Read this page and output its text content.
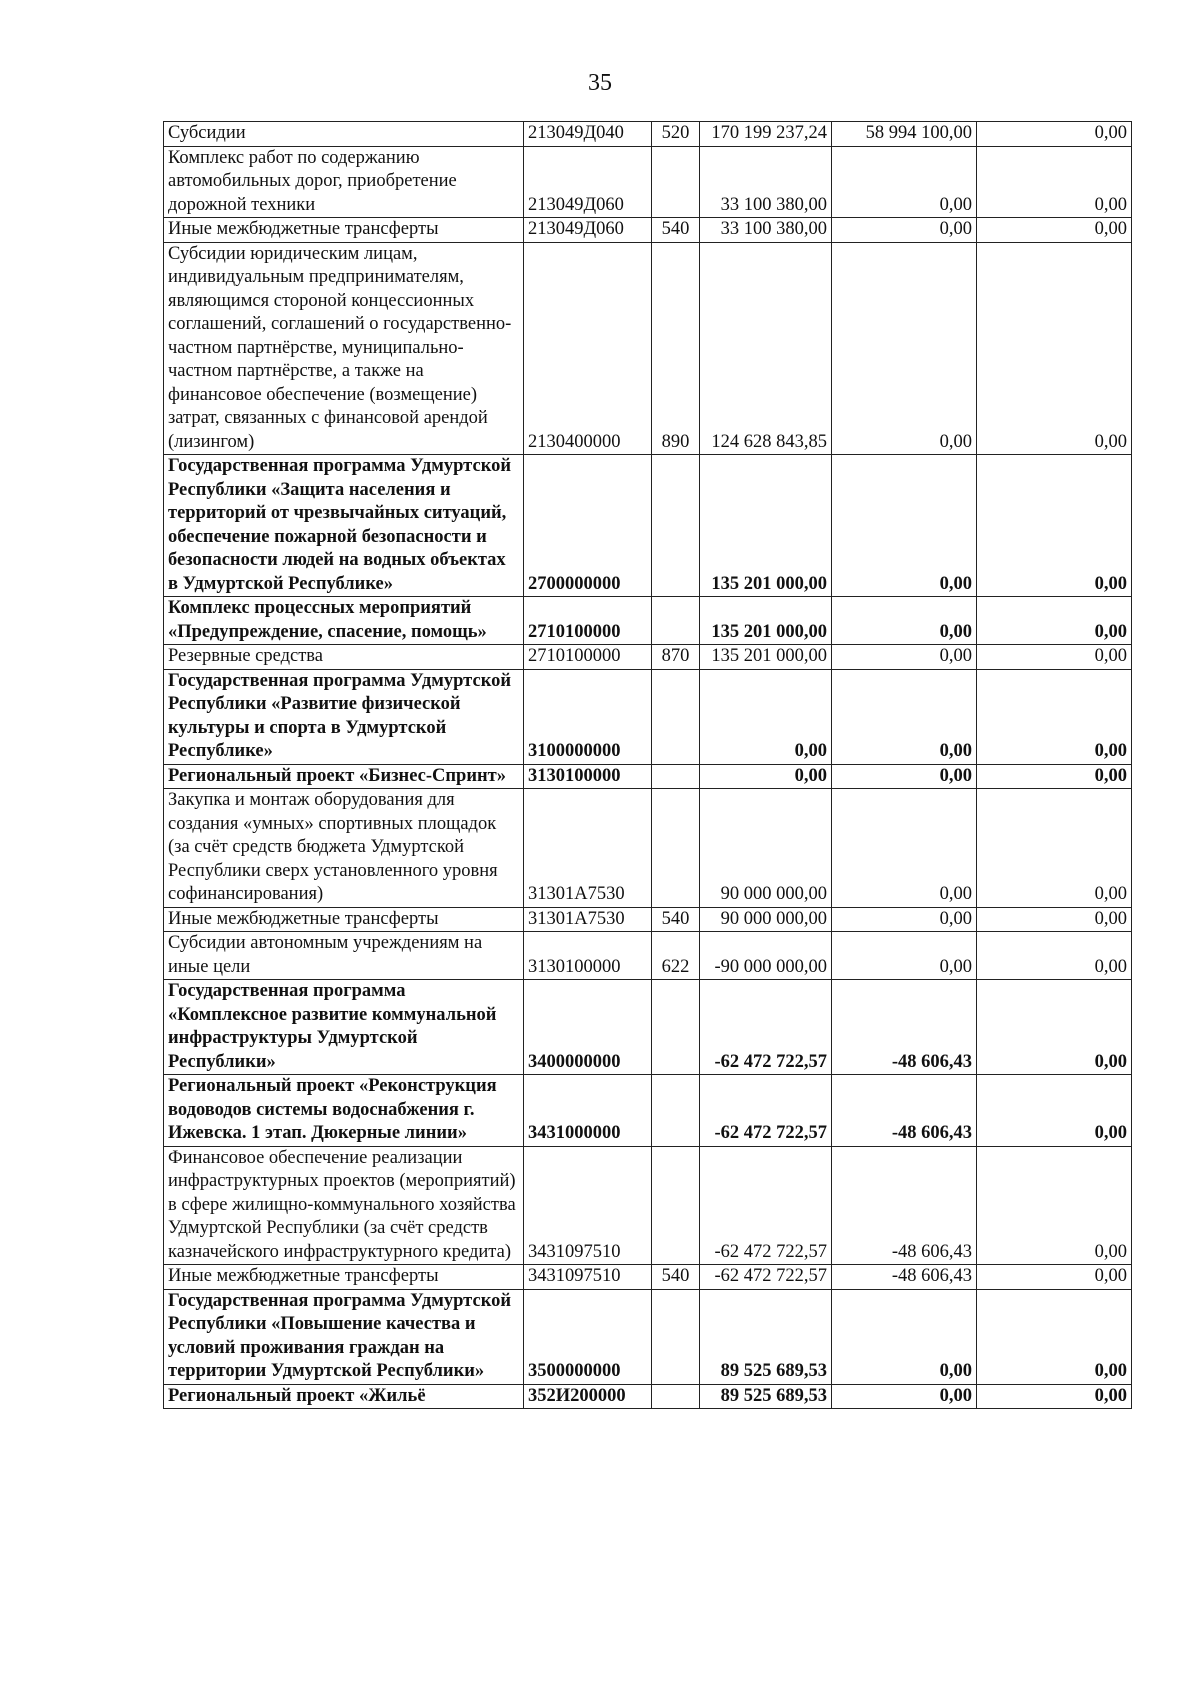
35
Субсидии	213049Д040	520	170 199 237,24	58 994 100,00	0,00
Комплекс работ по содержанию автомобильных дорог, приобретение дорожной техники	213049Д060		33 100 380,00	0,00	0,00
Иные межбюджетные трансферты	213049Д060	540	33 100 380,00	0,00	0,00
Субсидии юридическим лицам, индивидуальным предпринимателям, являющимся стороной концессионных соглашений, соглашений о государственно-частном партнёрстве, муниципально-частном партнёрстве, а также на финансовое обеспечение (возмещение) затрат, связанных с финансовой арендой (лизингом)	2130400000	890	124 628 843,85	0,00	0,00
Государственная программа Удмуртской Республики «Защита населения и территорий от чрезвычайных ситуаций, обеспечение пожарной безопасности и безопасности людей на водных объектах в Удмуртской Республике»	2700000000		135 201 000,00	0,00	0,00
Комплекс процессных мероприятий «Предупреждение, спасение, помощь»	2710100000		135 201 000,00	0,00	0,00
Резервные средства	2710100000	870	135 201 000,00	0,00	0,00
Государственная программа Удмуртской Республики «Развитие физической культуры и спорта в Удмуртской Республике»	3100000000		0,00	0,00	0,00
Региональный проект «Бизнес-Спринт»	3130100000		0,00	0,00	0,00
Закупка и монтаж оборудования для создания «умных» спортивных площадок (за счёт средств бюджета Удмуртской Республики сверх установленного уровня софинансирования)	31301А7530		90 000 000,00	0,00	0,00
Иные межбюджетные трансферты	31301А7530	540	90 000 000,00	0,00	0,00
Субсидии автономным учреждениям на иные цели	3130100000	622	-90 000 000,00	0,00	0,00
Государственная программа «Комплексное развитие коммунальной инфраструктуры Удмуртской Республики»	3400000000		-62 472 722,57	-48 606,43	0,00
Региональный проект «Реконструкция водоводов системы водоснабжения г. Ижевска. 1 этап. Дюкерные линии»	3431000000		-62 472 722,57	-48 606,43	0,00
Финансовое обеспечение реализации инфраструктурных проектов (мероприятий) в сфере жилищно-коммунального хозяйства Удмуртской Республики (за счёт средств казначейского инфраструктурного кредита)	3431097510		-62 472 722,57	-48 606,43	0,00
Иные межбюджетные трансферты	3431097510	540	-62 472 722,57	-48 606,43	0,00
Государственная программа Удмуртской Республики «Повышение качества и условий проживания граждан на территории Удмуртской Республики»	3500000000		89 525 689,53	0,00	0,00
Региональный проект «Жильё	352И200000		89 525 689,53	0,00	0,00
